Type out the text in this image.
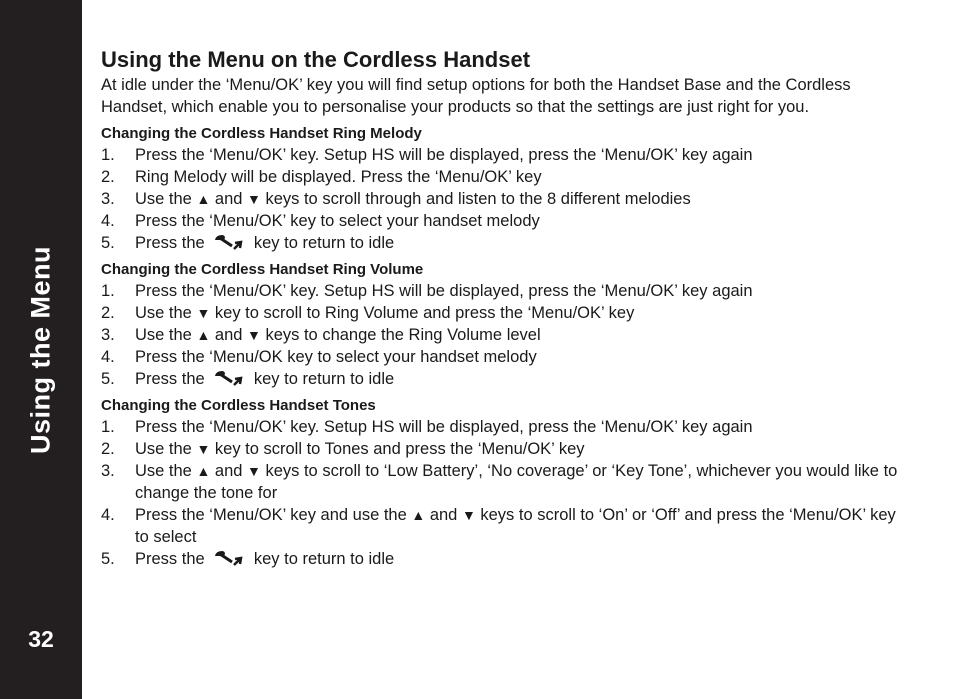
Using the Menu
32
Using the Menu on the Cordless Handset

At idle under the ‘Menu/OK’ key you will find setup options for both the Handset Base and the Cordless Handset, which enable you to personalise your products so that the settings are just right for you.

Changing the Cordless Handset Ring Melody
1. Press the ‘Menu/OK’ key. Setup HS will be displayed, press the ‘Menu/OK’ key again
2. Ring Melody will be displayed. Press the ‘Menu/OK’ key
3. Use the ▲ and ▼ keys to scroll through and listen to the 8 different melodies
4. Press the ‘Menu/OK’ key to select your handset melody
5. Press the  key to return to idle
Changing the Cordless Handset Ring Volume
1. Press the ‘Menu/OK’ key. Setup HS will be displayed, press the ‘Menu/OK’ key again
2. Use the ▼ key to scroll to Ring Volume and press the ‘Menu/OK’ key
3. Use the ▲ and ▼ keys to change the Ring Volume level
4. Press the ‘Menu/OK key to select your handset melody
5. Press the  key to return to idle
Changing the Cordless Handset Tones
1. Press the ‘Menu/OK’ key. Setup HS will be displayed, press the ‘Menu/OK’ key again
2. Use the ▼ key to scroll to Tones and press the ‘Menu/OK’ key
3. Use the ▲ and ▼ keys to scroll to ‘Low Battery’, ‘No coverage’ or ‘Key Tone’, whichever you would like to change the tone for
4. Press the ‘Menu/OK’ key and use the ▲ and ▼ keys to scroll to ‘On’ or ‘Off’ and press the ‘Menu/OK’ key to select
5. Press the  key to return to idle
